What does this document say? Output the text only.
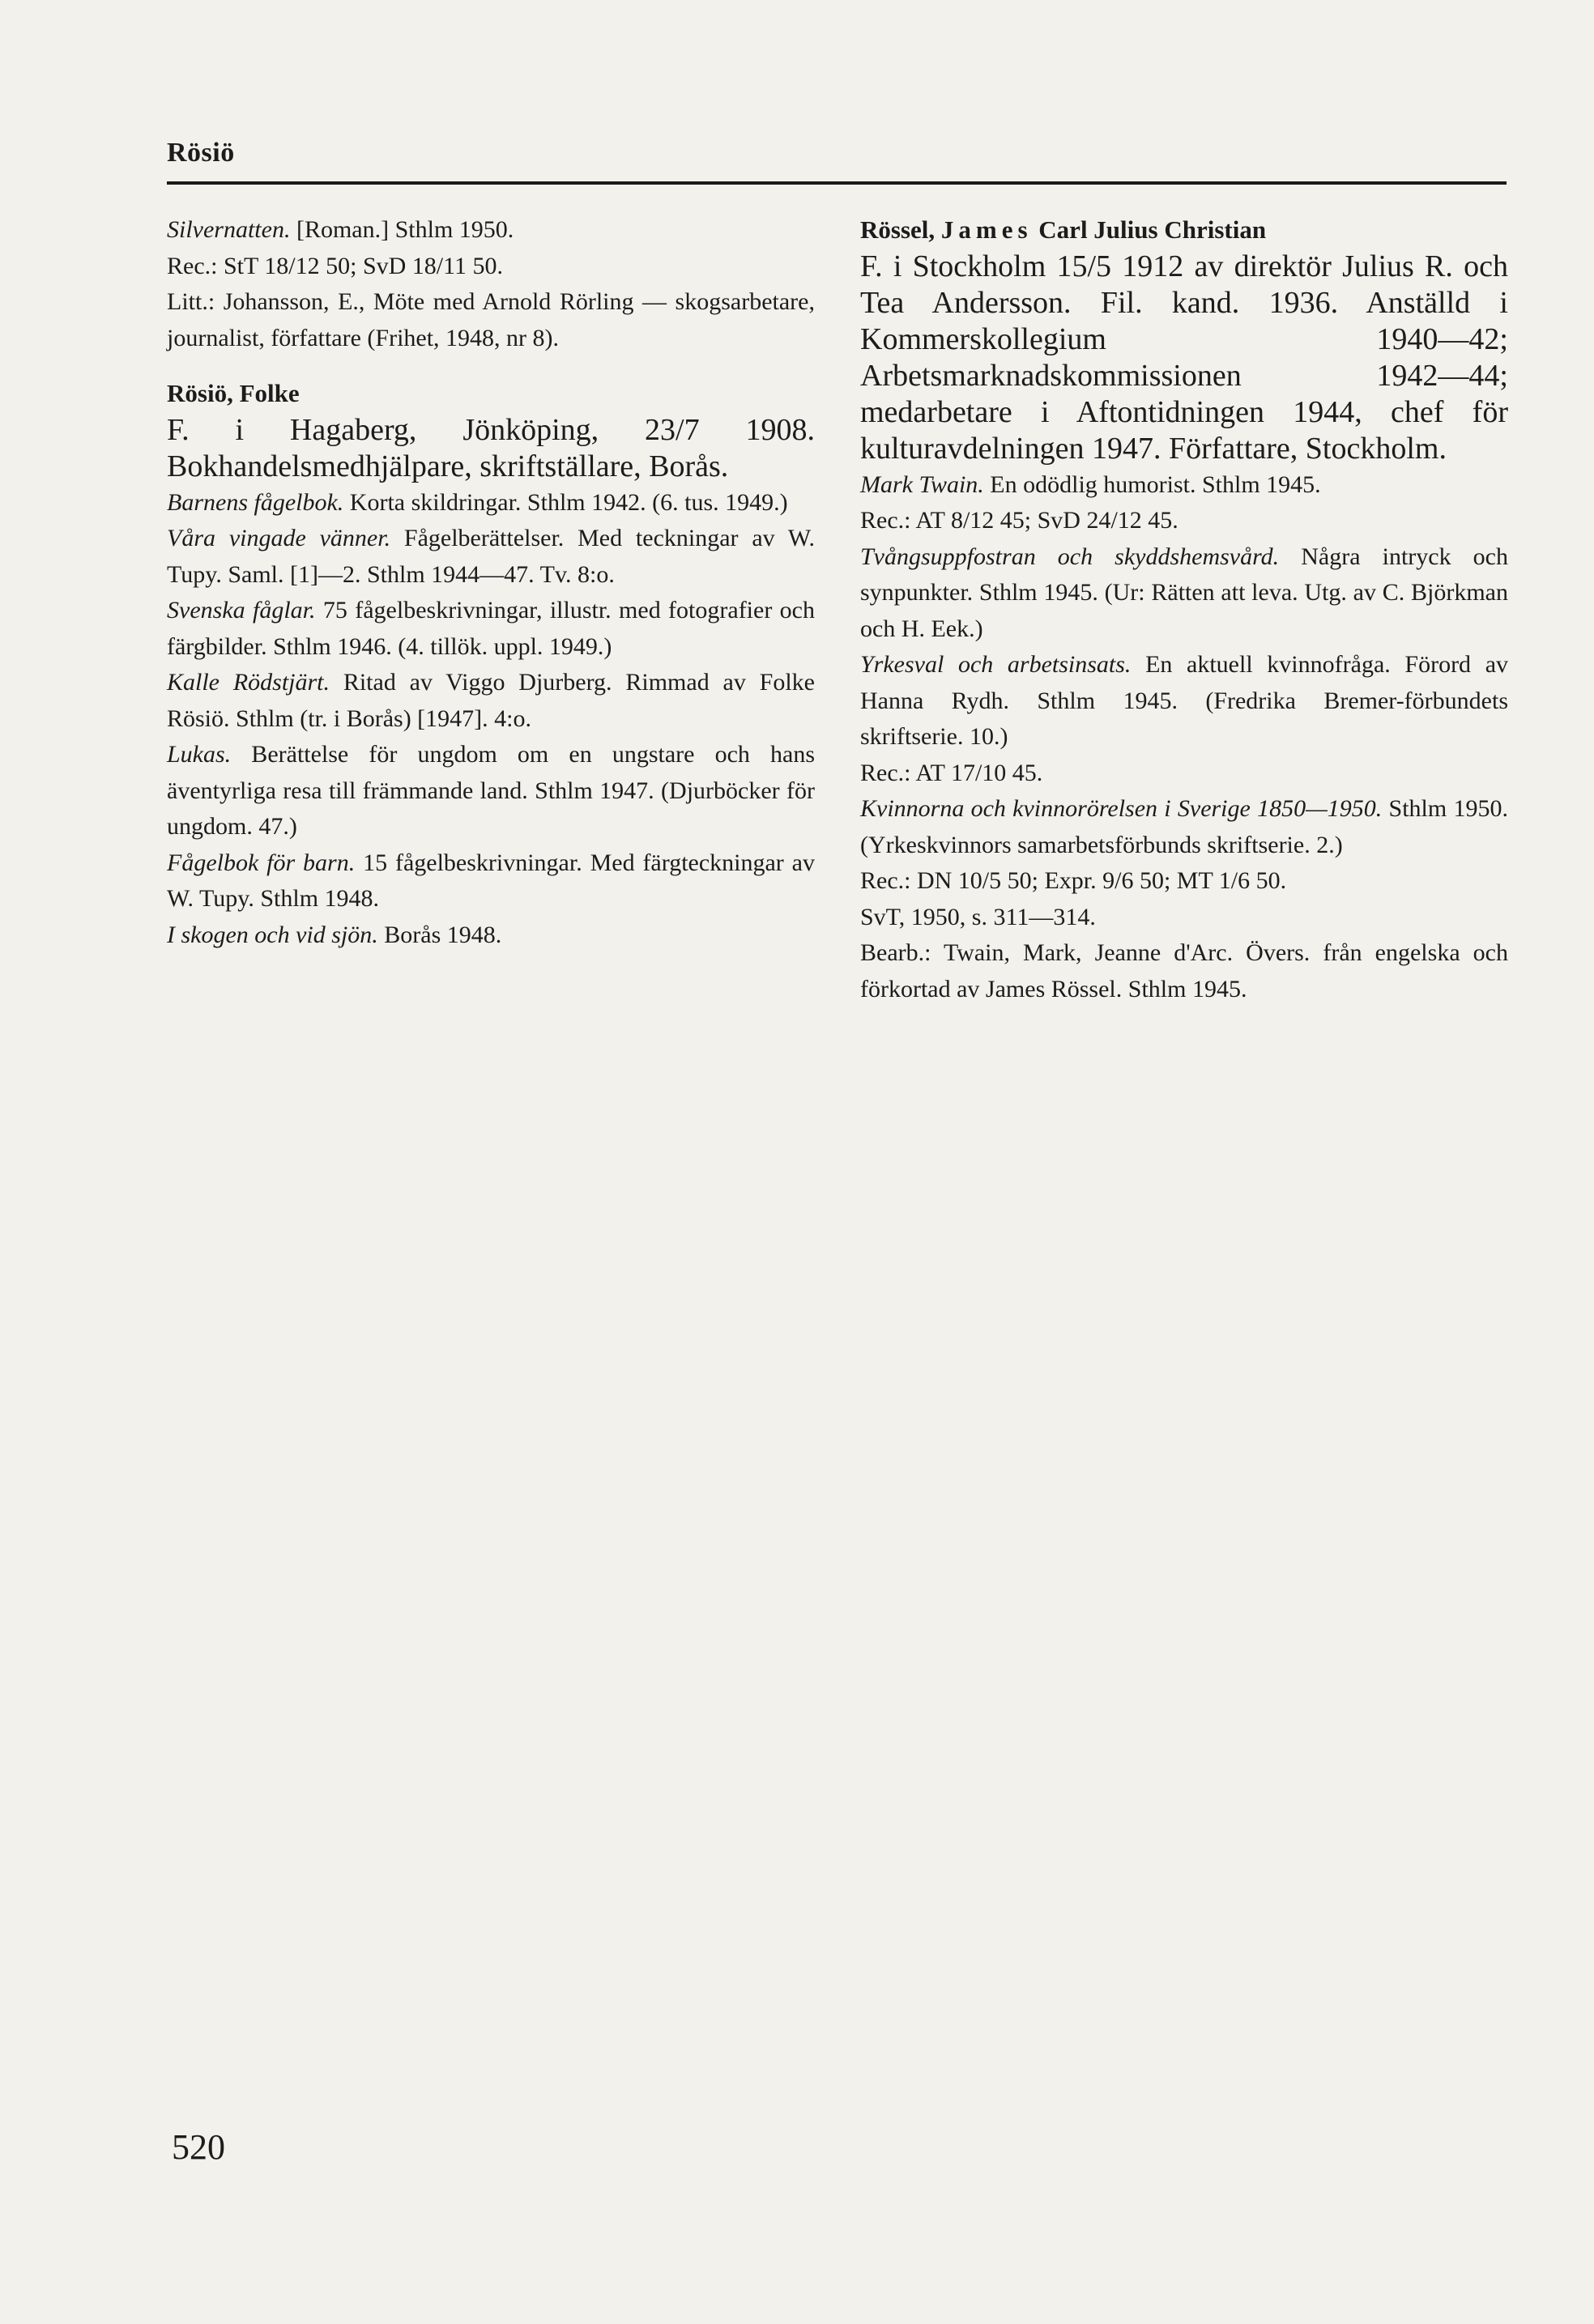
Rösiö
Silvernatten. [Roman.] Sthlm 1950.
Rec.: StT 18/12 50; SvD 18/11 50.
Litt.: Johansson, E., Möte med Arnold Rörling — skogsarbetare, journalist, författare (Frihet, 1948, nr 8).
Rösiö, Folke
F. i Hagaberg, Jönköping, 23/7 1908. Bokhandelsmedhjälpare, skriftställare, Borås.
Barnens fågelbok. Korta skildringar. Sthlm 1942. (6. tus. 1949.)
Våra vingade vänner. Fågelberättelser. Med teckningar av W. Tupy. Saml. [1]—2. Sthlm 1944—47. Tv. 8:o.
Svenska fåglar. 75 fågelbeskrivningar, illustr. med fotografier och färgbilder. Sthlm 1946. (4. tillök. uppl. 1949.)
Kalle Rödstjärt. Ritad av Viggo Djurberg. Rimmad av Folke Rösiö. Sthlm (tr. i Borås) [1947]. 4:o.
Lukas. Berättelse för ungdom om en ungstare och hans äventyrliga resa till främmande land. Sthlm 1947. (Djurböcker för ungdom. 47.)
Fågelbok för barn. 15 fågelbeskrivningar. Med färgteckningar av W. Tupy. Sthlm 1948.
I skogen och vid sjön. Borås 1948.
Rössel, James Carl Julius Christian
F. i Stockholm 15/5 1912 av direktör Julius R. och Tea Andersson. Fil. kand. 1936. Anställd i Kommerskollegium 1940—42; Arbetsmarknadskommissionen 1942—44; medarbetare i Aftontidningen 1944, chef för kulturavdelningen 1947. Författare, Stockholm.
Mark Twain. En odödlig humorist. Sthlm 1945.
Rec.: AT 8/12 45; SvD 24/12 45.
Tvångsuppfostran och skyddshemsvård. Några intryck och synpunkter. Sthlm 1945. (Ur: Rätten att leva. Utg. av C. Björkman och H. Eek.)
Yrkesval och arbetsinsats. En aktuell kvinnofråga. Förord av Hanna Rydh. Sthlm 1945. (Fredrika Bremer-förbundets skriftserie. 10.)
Rec.: AT 17/10 45.
Kvinnorna och kvinnorörelsen i Sverige 1850—1950. Sthlm 1950. (Yrkeskvinnors samarbetsförbunds skriftserie. 2.)
Rec.: DN 10/5 50; Expr. 9/6 50; MT 1/6 50.
SvT, 1950, s. 311—314.
Bearb.: Twain, Mark, Jeanne d'Arc. Övers. från engelska och förkortad av James Rössel. Sthlm 1945.
520
